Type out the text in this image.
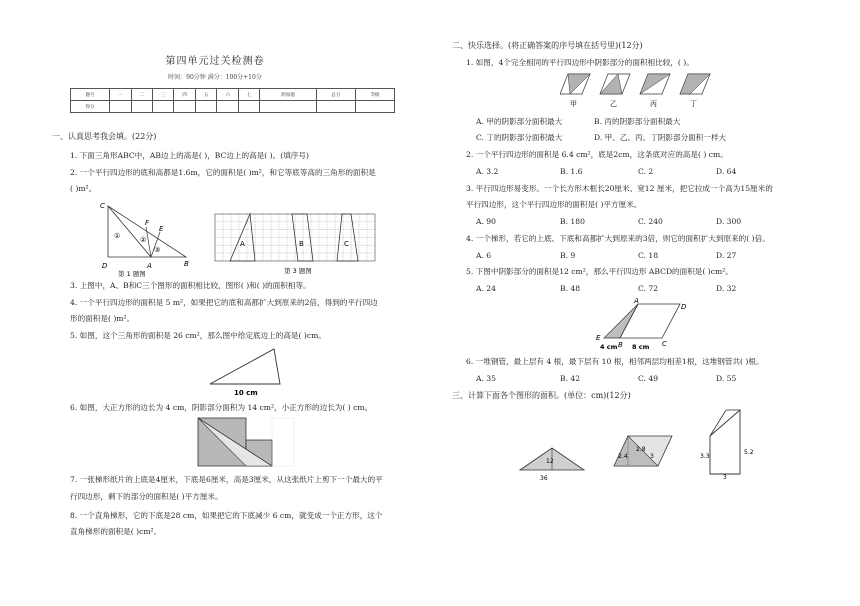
第四单元过关检测卷
时间：90分钟 满分：100分+10分
题号	一	二	三	四	五	六	七	附加题	总分	等级
得分										
一、认真思考我会填。(22分)
1. 下面三角形ABC中，AB边上的高是( )，BC边上的高是( )。(填序号)
2. 一个平行四边形的底和高都是1.6m，它的面积是( )m²，和它等底等高的三角形的面积是
( )m²。
C
D	A	B
F
E
①	②
③
第 1 题图
A	B	C
第 3 题图
3. 上图中，A、B和C三个图形的面积相比较，图形( )和( )的面积相等。
4. 一个平行四边形的面积是 5 m²，如果把它的底和高都扩大到原来的2倍，得到的平行四边
形的面积是( )m²。
5. 如图，这个三角形的面积是 26 cm²，那么图中给定底边上的高是( )cm。
10 cm
6. 如图，大正方形的边长为 4 cm，阴影部分面积为 14 cm²，小正方形的边长为( ) cm。
7. 一张梯形纸片的上底是4厘米，下底是6厘米，高是3厘米，从这张纸片上剪下一个最大的平
行四边形，剩下的部分的面积是( )平方厘米。
8. 一个直角梯形，它的下底是28 cm，如果把它的下底减少 6 cm，就变成一个正方形，这个
直角梯形的面积是( )cm²。
二、快乐选择。(将正确答案的序号填在括号里)(12分)
1. 如图，4个完全相同的平行四边形中阴影部分的面积相比较，( )。
甲	乙	丙	丁
A. 甲的阴影部分面积最大	B. 丙的阴影部分面积最大
C. 丁的阴影部分面积最大	D. 甲、乙、丙、丁阴影部分面积一样大
2. 一个平行四边形的面积是 6.4 cm²，底是2cm，这条底对应的高是( ) cm。
A. 3.2	B. 1.6	C. 2	D. 64
3. 平行四边形易变形。一个长方形木框长20厘米、宽12 厘米，把它拉成一个高为15厘米的
平行四边形，这个平行四边形的面积是( )平方厘米。
A. 90	B. 180	C. 240	D. 300
4. 一个梯形，若它的上底、下底和高都扩大到原来的3倍，则它的面积扩大到原来的( )倍。
A. 6	B. 9	C. 18	D. 27
5. 下图中阴影部分的面积是12 cm²，那么平行四边形 ABCD的面积是( )cm²。
A. 24	B. 48	C. 72	D. 32
A
B	C
D
E
4 cm 8 cm
6. 一堆钢管，最上层有 4 根，最下层有 10 根，相邻两层均相差1根，这堆钢管共( )根。
A. 35	B. 42	C. 49	D. 55
三、计算下面各个图形的面积。(单位：cm)(12分)
12
36
2.8
2.4	3	3.3
5.2
3
